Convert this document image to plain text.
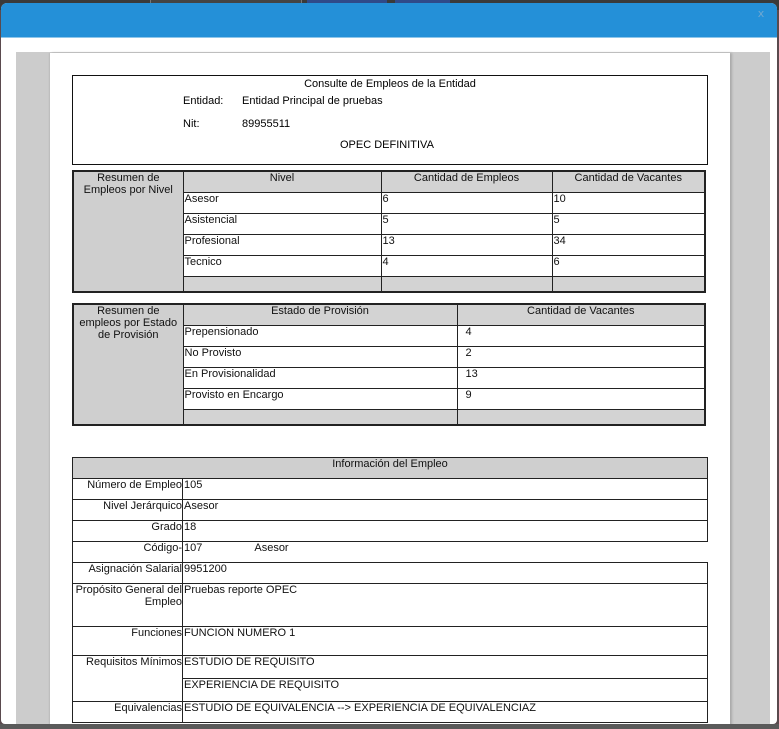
x
Consulte de Empleos de la Entidad
Entidad: Entidad Principal de pruebas
Nit:	89955511
OPEC DEFINITIVA
Resumen de Empleos por Nivel	Nivel	Cantidad de Empleos	Cantidad de Vacantes
	Asesor	6	10
	Asistencial	5	5
	Profesional	13	34
	Tecnico	4	6

Resumen de empleos por Estado de Provisión	Estado de Provisión	Cantidad de Vacantes
	Prepensionado	4
	No Provisto	2
	En Provisionalidad	13
	Provisto en Encargo	9

Información del Empleo	
Número de Empleo	105
Nivel Jerárquico	Asesor
Grado	18
Código-	107 Asesor
Asignación Salarial	9951200
Propósito General del Empleo	Pruebas reporte OPEC
Funciones	FUNCION NUMERO 1
Requisitos Mínimos	ESTUDIO DE REQUISITO
	EXPERIENCIA DE REQUISITO
Equivalencias	ESTUDIO DE EQUIVALENCIA --> EXPERIENCIA DE EQUIVALENCIAZ
